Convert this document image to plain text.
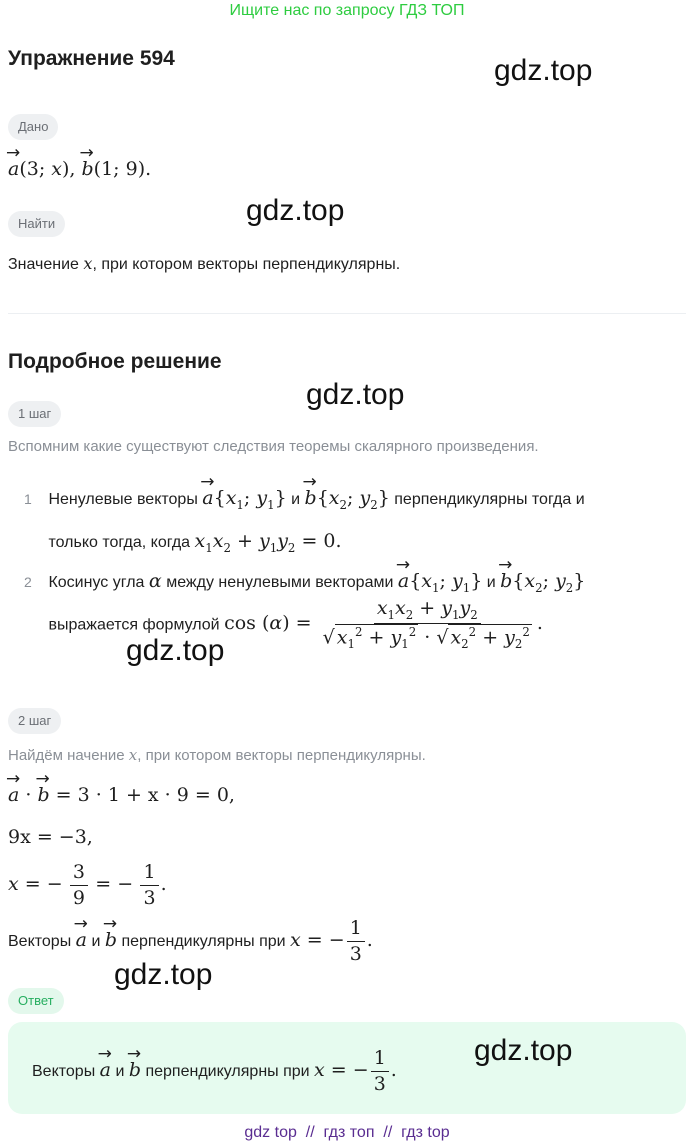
Ищите нас по запросу ГДЗ ТОП
Упражнение 594	gdz.top
Дано
a
→
(3; x), b
→
(1; 9).
Найти	gdz.top
Значение x, при котором векторы перпендикулярны.
Подробное решение
gdz.top
1 шаг
Вспомним какие существуют следствия теоремы скалярного произведения.
1 Ненулевые векторы a
→
{$x_1$; $y_1$} и b
→
{$x_2$; $y_2$} перпендикулярны тогда и
только тогда, когда $x_1x_2 + y_1y_2 = 0$.
2 Косинус угла α между ненулевыми векторами a
→
{$x_1$; $y_1$} и b
→
{$x_2$; $y_2$}
выражается формулой $\cos (\alpha) = \frac{x_1x_2 + y_1y_2}{√ x_1^2 + y_1^2 \cdot √ x_2^2 + y_2^2}$ .
gdz.top
2 шаг
Найдём начение x, при котором векторы перпендикулярны.
a
→
· b
→
= 3 · 1 + x · 9 = 0,
9x = −3,
x = − $\frac{3}{9}$ = − $\frac{1}{3}$ .
Векторы a
→
и b
→
перпендикулярны при x = − $\frac{1}{3}$ .
gdz.top
Ответ
Векторы a
→
и b
→
перпендикулярны при x = − $\frac{1}{3}$ .
gdz.top
gdz top  //  гдз топ  //  гдз top
